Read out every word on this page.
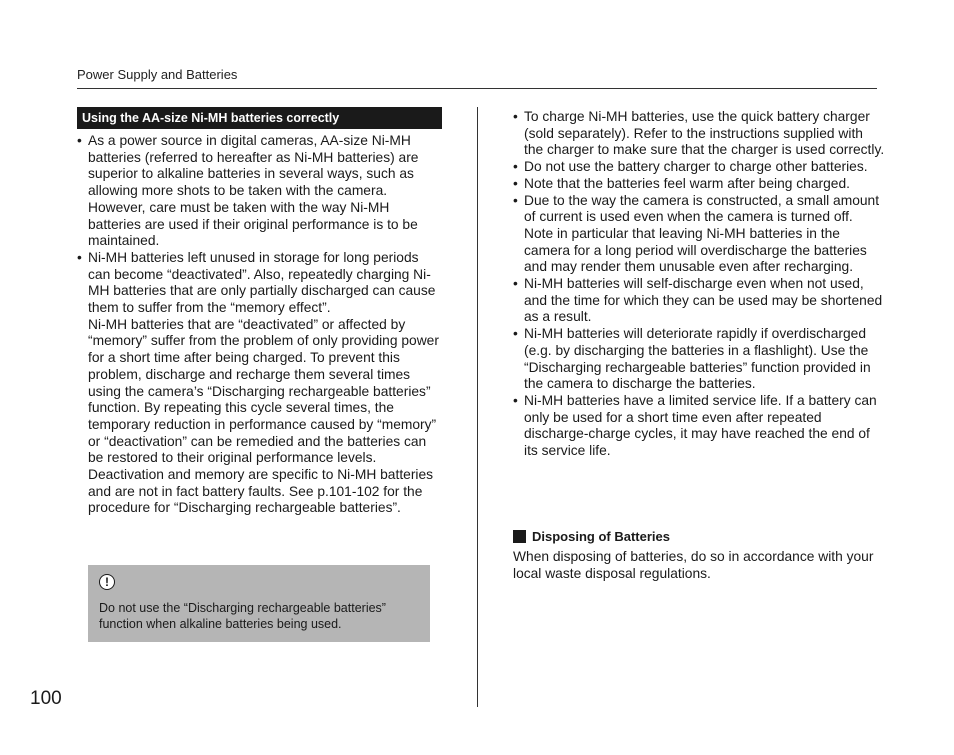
Power Supply and Batteries
Using the AA-size Ni-MH batteries correctly
• As a power source in digital cameras, AA-size Ni-MH batteries (referred to hereafter as Ni-MH batteries) are superior to alkaline batteries in several ways, such as allowing more shots to be taken with the camera. However, care must be taken with the way Ni-MH batteries are used if their original performance is to be maintained.
• Ni-MH batteries left unused in storage for long periods can become “deactivated”. Also, repeatedly charging Ni-MH batteries that are only partially discharged can cause them to suffer from the “memory effect”.
Ni-MH batteries that are “deactivated” or affected by “memory” suffer from the problem of only providing power for a short time after being charged. To prevent this problem, discharge and recharge them several times using the camera’s “Discharging rechargeable batteries” function. By repeating this cycle several times, the temporary reduction in performance caused by “memory” or “deactivation” can be remedied and the batteries can be restored to their original performance levels.
Deactivation and memory are specific to Ni-MH batteries and are not in fact battery faults. See p.101-102 for the procedure for “Discharging rechargeable batteries”.
!
Do not use the “Discharging rechargeable batteries” function when alkaline batteries being used.
• To charge Ni-MH batteries, use the quick battery charger (sold separately). Refer to the instructions supplied with the charger to make sure that the charger is used correctly.
• Do not use the battery charger to charge other batteries.
• Note that the batteries feel warm after being charged.
• Due to the way the camera is constructed, a small amount of current is used even when the camera is turned off. Note in particular that leaving Ni-MH batteries in the camera for a long period will overdischarge the batteries and may render them unusable even after recharging.
• Ni-MH batteries will self-discharge even when not used, and the time for which they can be used may be shortened as a result.
• Ni-MH batteries will deteriorate rapidly if overdischarged (e.g. by discharging the batteries in a flashlight). Use the “Discharging rechargeable batteries” function provided in the camera to discharge the batteries.
• Ni-MH batteries have a limited service life. If a battery can only be used for a short time even after repeated discharge-charge cycles, it may have reached the end of its service life.
Disposing of Batteries
When disposing of batteries, do so in accordance with your local waste disposal regulations.
100
